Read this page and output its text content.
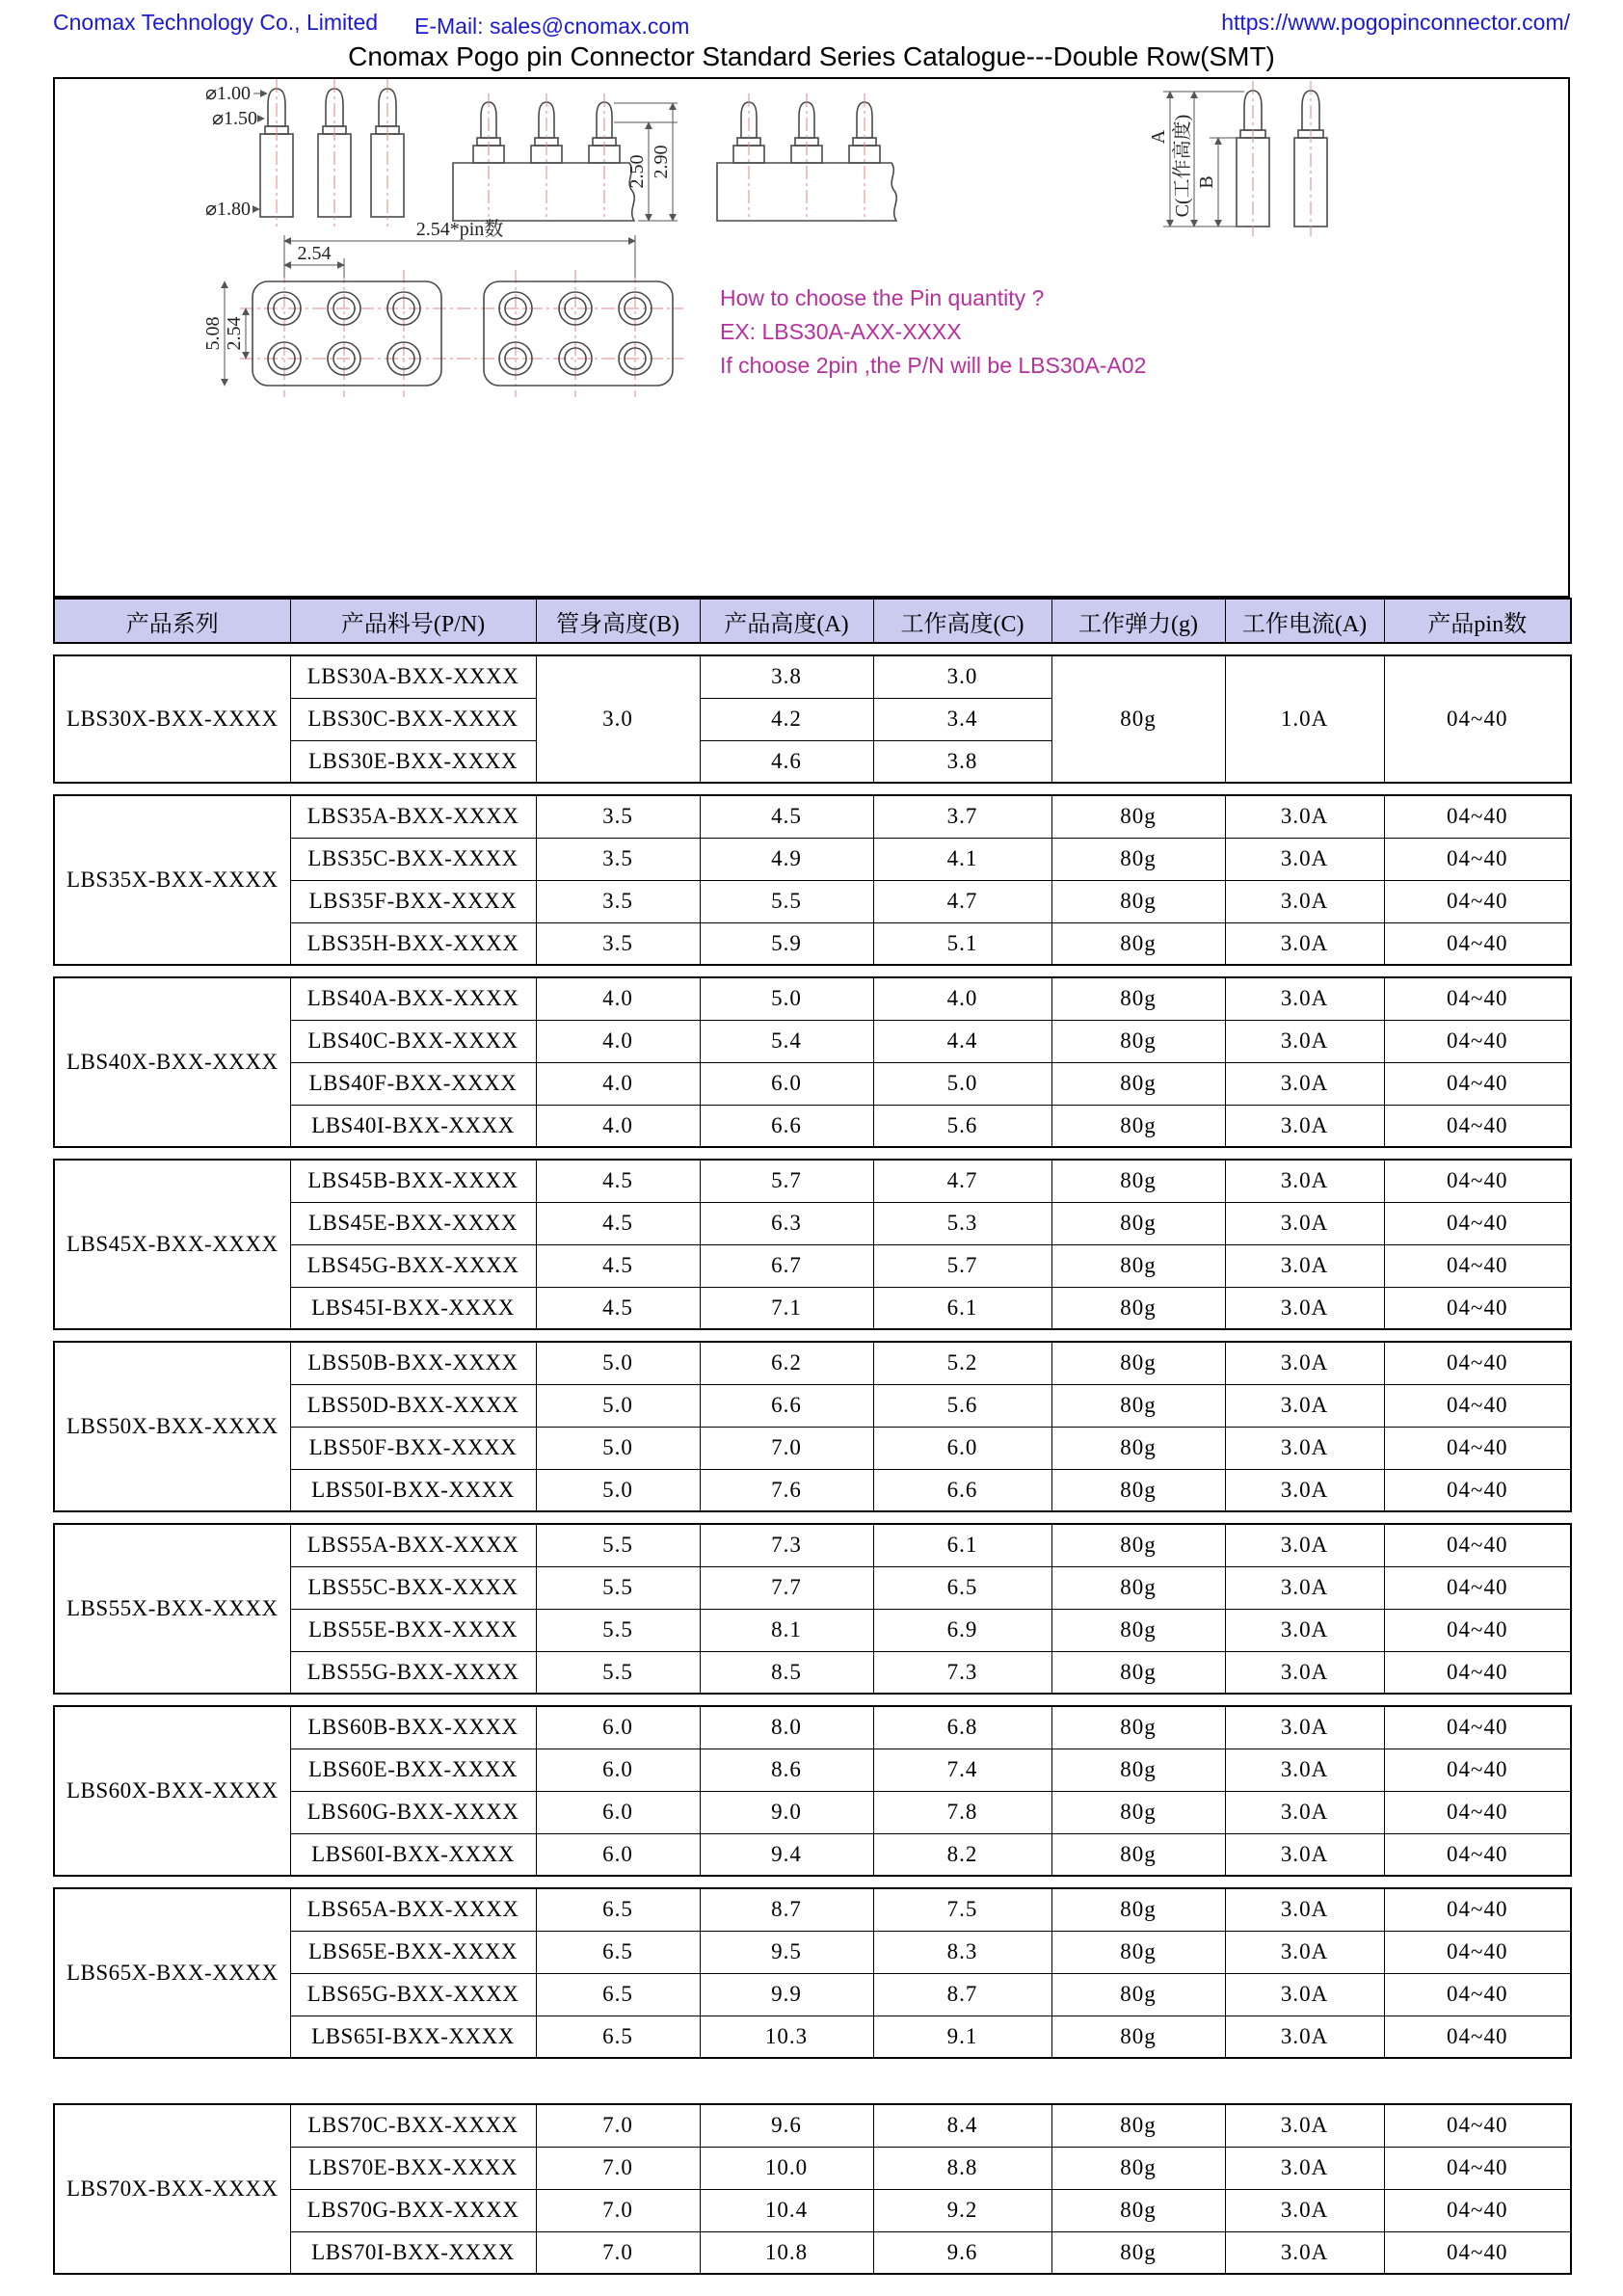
Cnomax Technology Co., Limited E-Mail: sales@cnomax.com	https://www.pogopinconnector.com/
Cnomax Pogo pin Connector Standard Series Catalogue---Double Row(SMT)
⌀1.00
⌀1.50
⌀1.80
2.50 2.90
A C(工作高度) B
2.54
2.54*pin数
5.08 2.54
How to choose the Pin quantity ?
EX: LBS30A-AXX-XXXX
If choose 2pin ,the P/N will be LBS30A-A02
产品系列	产品料号(P/N)	管身高度(B)	产品高度(A)	工作高度(C)	工作弹力(g)	工作电流(A)	产品pin数
LBS30X-BXX-XXXX	LBS30A-BXX-XXXX	3.0	3.8	3.0	80g	1.0A	04~40
	LBS30C-BXX-XXXX		4.2	3.4			
	LBS30E-BXX-XXXX		4.6	3.8			
LBS35X-BXX-XXXX	LBS35A-BXX-XXXX	3.5	4.5	3.7	80g	3.0A	04~40
	LBS35C-BXX-XXXX	3.5	4.9	4.1	80g	3.0A	04~40
	LBS35F-BXX-XXXX	3.5	5.5	4.7	80g	3.0A	04~40
	LBS35H-BXX-XXXX	3.5	5.9	5.1	80g	3.0A	04~40
LBS40X-BXX-XXXX	LBS40A-BXX-XXXX	4.0	5.0	4.0	80g	3.0A	04~40
	LBS40C-BXX-XXXX	4.0	5.4	4.4	80g	3.0A	04~40
	LBS40F-BXX-XXXX	4.0	6.0	5.0	80g	3.0A	04~40
	LBS40I-BXX-XXXX	4.0	6.6	5.6	80g	3.0A	04~40
LBS45X-BXX-XXXX	LBS45B-BXX-XXXX	4.5	5.7	4.7	80g	3.0A	04~40
	LBS45E-BXX-XXXX	4.5	6.3	5.3	80g	3.0A	04~40
	LBS45G-BXX-XXXX	4.5	6.7	5.7	80g	3.0A	04~40
	LBS45I-BXX-XXXX	4.5	7.1	6.1	80g	3.0A	04~40
LBS50X-BXX-XXXX	LBS50B-BXX-XXXX	5.0	6.2	5.2	80g	3.0A	04~40
	LBS50D-BXX-XXXX	5.0	6.6	5.6	80g	3.0A	04~40
	LBS50F-BXX-XXXX	5.0	7.0	6.0	80g	3.0A	04~40
	LBS50I-BXX-XXXX	5.0	7.6	6.6	80g	3.0A	04~40
LBS55X-BXX-XXXX	LBS55A-BXX-XXXX	5.5	7.3	6.1	80g	3.0A	04~40
	LBS55C-BXX-XXXX	5.5	7.7	6.5	80g	3.0A	04~40
	LBS55E-BXX-XXXX	5.5	8.1	6.9	80g	3.0A	04~40
	LBS55G-BXX-XXXX	5.5	8.5	7.3	80g	3.0A	04~40
LBS60X-BXX-XXXX	LBS60B-BXX-XXXX	6.0	8.0	6.8	80g	3.0A	04~40
	LBS60E-BXX-XXXX	6.0	8.6	7.4	80g	3.0A	04~40
	LBS60G-BXX-XXXX	6.0	9.0	7.8	80g	3.0A	04~40
	LBS60I-BXX-XXXX	6.0	9.4	8.2	80g	3.0A	04~40
LBS65X-BXX-XXXX	LBS65A-BXX-XXXX	6.5	8.7	7.5	80g	3.0A	04~40
	LBS65E-BXX-XXXX	6.5	9.5	8.3	80g	3.0A	04~40
	LBS65G-BXX-XXXX	6.5	9.9	8.7	80g	3.0A	04~40
	LBS65I-BXX-XXXX	6.5	10.3	9.1	80g	3.0A	04~40
LBS70X-BXX-XXXX	LBS70C-BXX-XXXX	7.0	9.6	8.4	80g	3.0A	04~40
	LBS70E-BXX-XXXX	7.0	10.0	8.8	80g	3.0A	04~40
	LBS70G-BXX-XXXX	7.0	10.4	9.2	80g	3.0A	04~40
	LBS70I-BXX-XXXX	7.0	10.8	9.6	80g	3.0A	04~40
